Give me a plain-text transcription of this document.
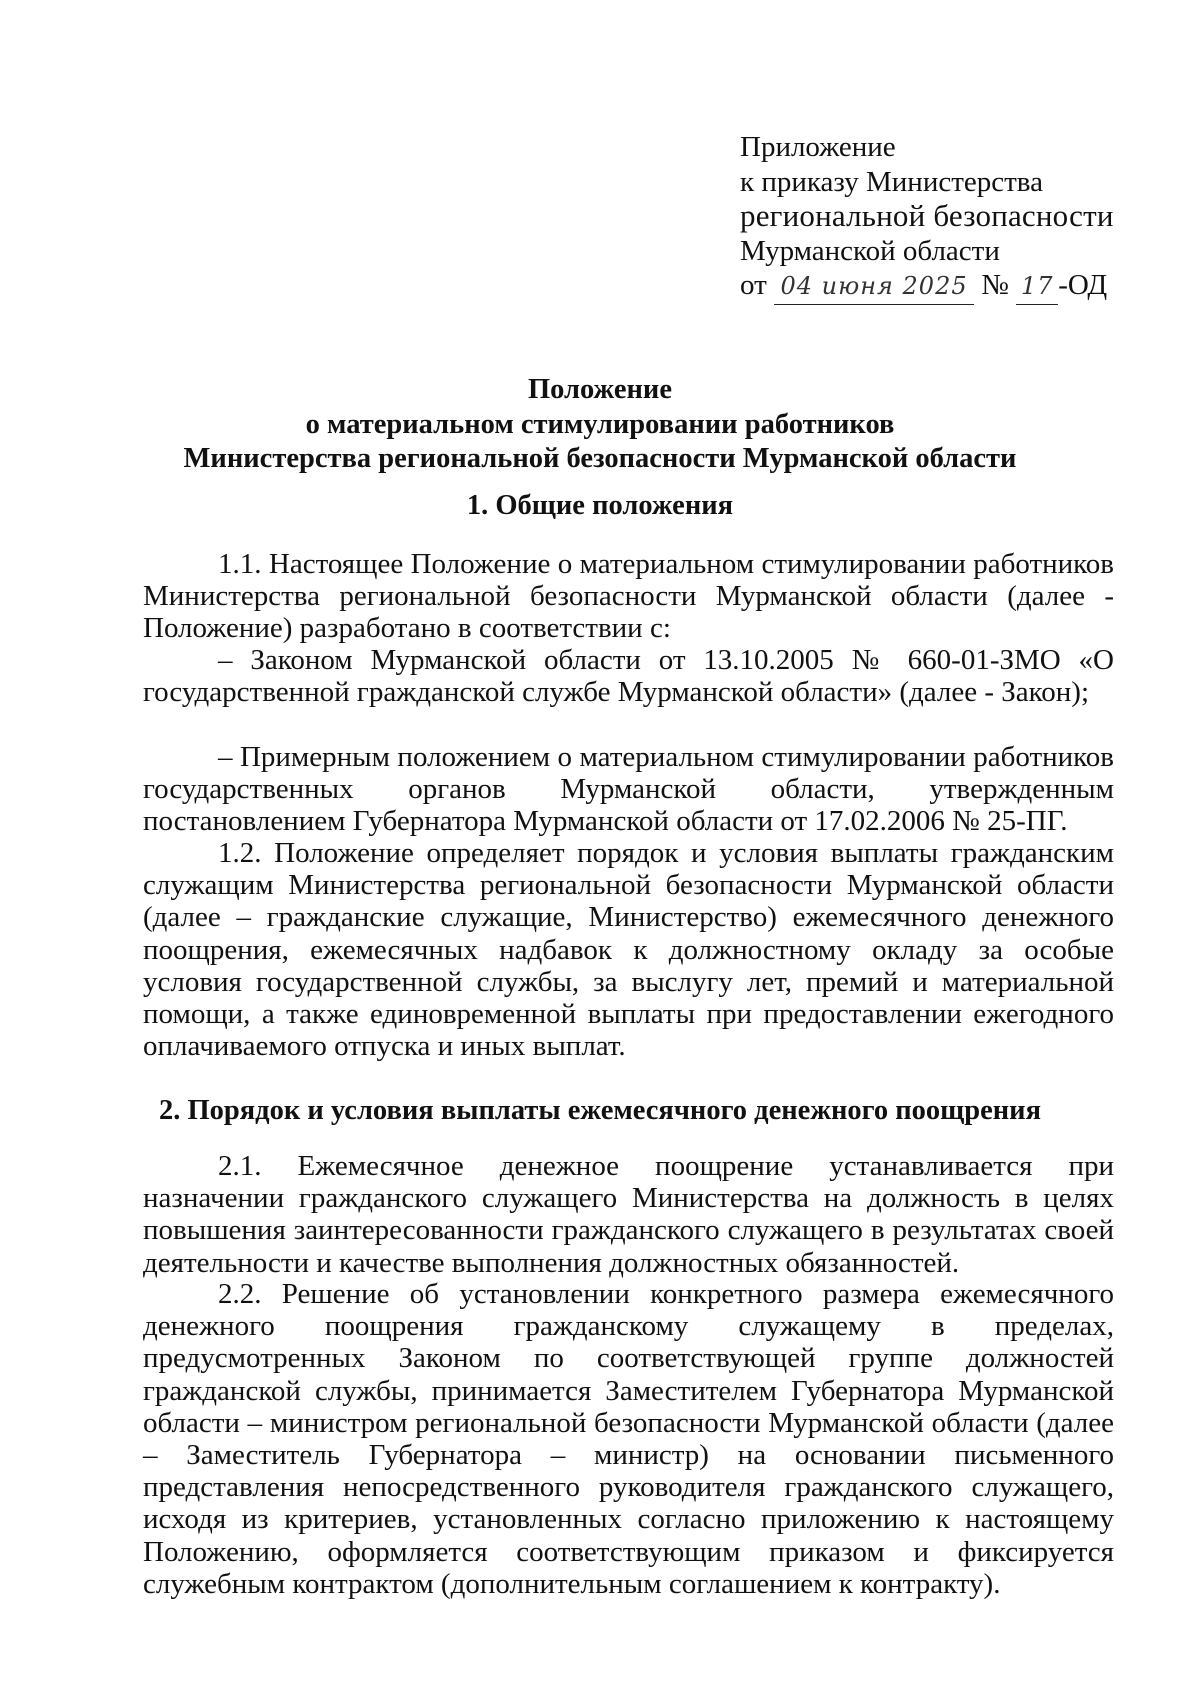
Приложение
к приказу Министерства
региональной безопасности
Мурманской области
от 04 июня 2025 № 17 -ОД
Положение
о материальном стимулировании работников
Министерства региональной безопасности Мурманской области
1. Общие положения
1.1. Настоящее Положение о материальном стимулировании работников Министерства региональной безопасности Мурманской области (далее - Положение) разработано в соответствии с:
– Законом Мурманской области от 13.10.2005 № 660-01-ЗМО «О государственной гражданской службе Мурманской области» (далее - Закон);
– Примерным положением о материальном стимулировании работников государственных органов Мурманской области, утвержденным постановлением Губернатора Мурманской области от 17.02.2006 № 25-ПГ.
1.2. Положение определяет порядок и условия выплаты гражданским служащим Министерства региональной безопасности Мурманской области (далее – гражданские служащие, Министерство) ежемесячного денежного поощрения, ежемесячных надбавок к должностному окладу за особые условия государственной службы, за выслугу лет, премий и материальной помощи, а также единовременной выплаты при предоставлении ежегодного оплачиваемого отпуска и иных выплат.
2. Порядок и условия выплаты ежемесячного денежного поощрения
2.1. Ежемесячное денежное поощрение устанавливается при назначении гражданского служащего Министерства на должность в целях повышения заинтересованности гражданского служащего в результатах своей деятельности и качестве выполнения должностных обязанностей.
2.2. Решение об установлении конкретного размера ежемесячного денежного поощрения гражданскому служащему в пределах, предусмотренных Законом по соответствующей группе должностей гражданской службы, принимается Заместителем Губернатора Мурманской области – министром региональной безопасности Мурманской области (далее – Заместитель Губернатора – министр) на основании письменного представления непосредственного руководителя гражданского служащего, исходя из критериев, установленных согласно приложению к настоящему Положению, оформляется соответствующим приказом и фиксируется служебным контрактом (дополнительным соглашением к контракту).
